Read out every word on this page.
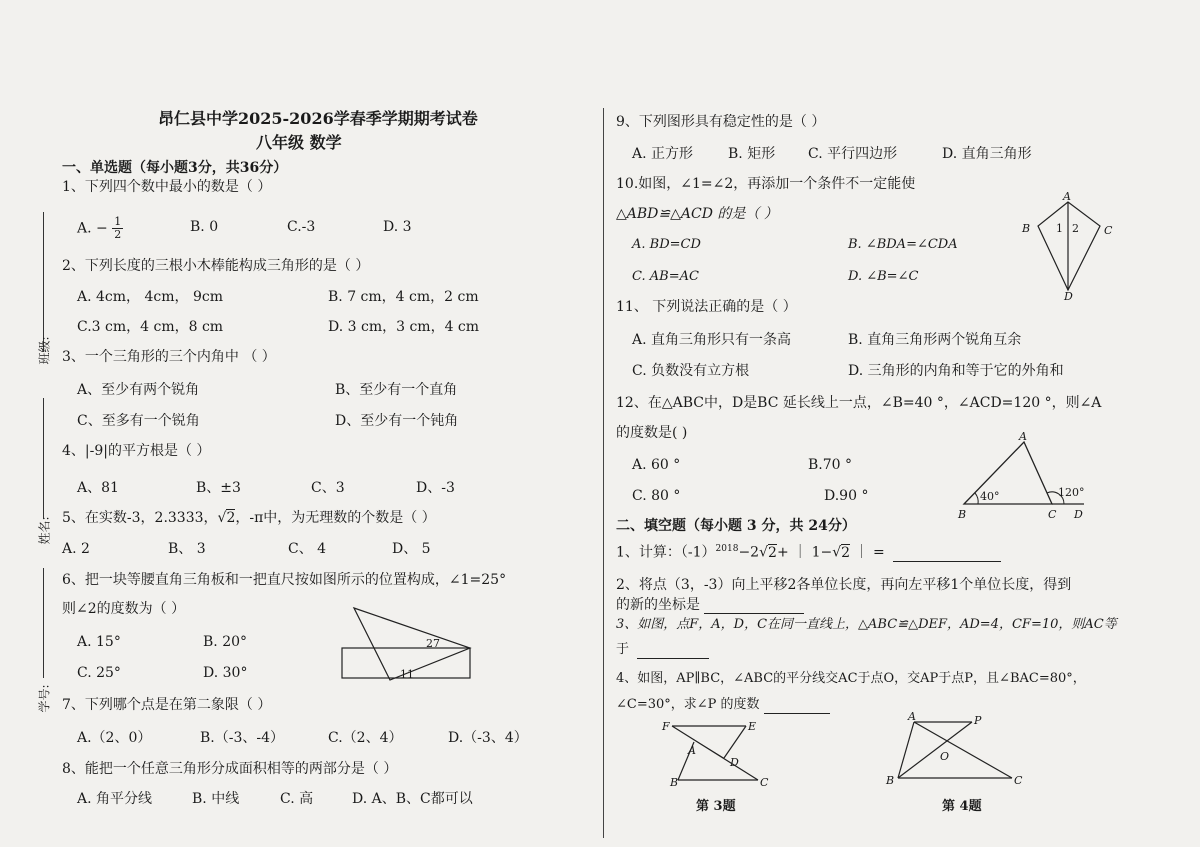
班级:
姓名:
学号:
昂仁县中学2025-2026学春季学期期考试卷
八年级 数学
一、单选题（每小题3分，共36分）
1、下列四个数中最小的数是（ ）
A. − $\frac{1}{2}$	B. 0	C.-3	D. 3
2、下列长度的三根小木棒能构成三角形的是（ ）
A. 4cm， 4cm， 9cm	B. 7 cm，4 cm，2 cm
C.3 cm，4 cm，8 cm	D. 3 cm，3 cm，4 cm
3、一个三角形的三个内角中 （ ）
A、至少有两个锐角	B、至少有一个直角
C、至多有一个锐角	D、至少有一个钝角
4、|-9|的平方根是（ ）
A、81	B、±3	C、3	D、-3
5、在实数-3，2.3333，√2，-π中，为无理数的个数是（ ）
A. 2	B、 3	C、 4	D、 5
6、把一块等腰直角三角板和一把直尺按如图所示的位置构成，∠1=25°
则∠2的度数为（ ）
A. 15°	B. 20°
C. 25°	D. 30°	11
27
7、下列哪个点是在第二象限（ ）
A.（2、0）	B.（-3、-4）	C.（2、4）	D.（-3、4）
8、能把一个任意三角形分成面积相等的两部分是（ ）
A. 角平分线	B. 中线	C. 高	D. A、B、C都可以
9、下列图形具有稳定性的是（ ）
A. 正方形 B. 矩形 C. 平行四边形	D. 直角三角形
10.如图，∠1=∠2，再添加一个条件不一定能使
△ABD≌△ACD 的是（ ）
A. BD=CD	B. ∠BDA=∠CDA
C. AB=AC	D. ∠B=∠C
A
B	C
D
1 2
11、 下列说法正确的是（ ）
A. 直角三角形只有一条高	B. 直角三角形两个锐角互余
C. 负数没有立方根	D. 三角形的内角和等于它的外角和
12、在△ABC中，D是BC 延长线上一点，∠B=40 °，∠ACD=120 °，则∠A
的度数是( )
A. 60 °	B.70 °
C. 80 °	D.90 °
A
B	C D
40°	120°
二、填空题（每小题 3 分，共 24分）
1、计算：$(-1)^{2018}-2√2+$ ｜ 1−√2 ｜ =
2、将点（3，-3）向上平移2各单位长度，再向左平移1个单位长度，得到
的新的坐标是
3、如图，点F，A，D，C在同一直线上，△ABC≌△DEF，AD=4，CF=10，则AC等
于
4、如图，AP∥BC，∠ABC的平分线交AC于点O，交AP于点P，且∠BAC=80°，
∠C=30°，求∠P 的度数
F	E
A
D
B	C
第 3题
A	P
O
B	C
第 4题
